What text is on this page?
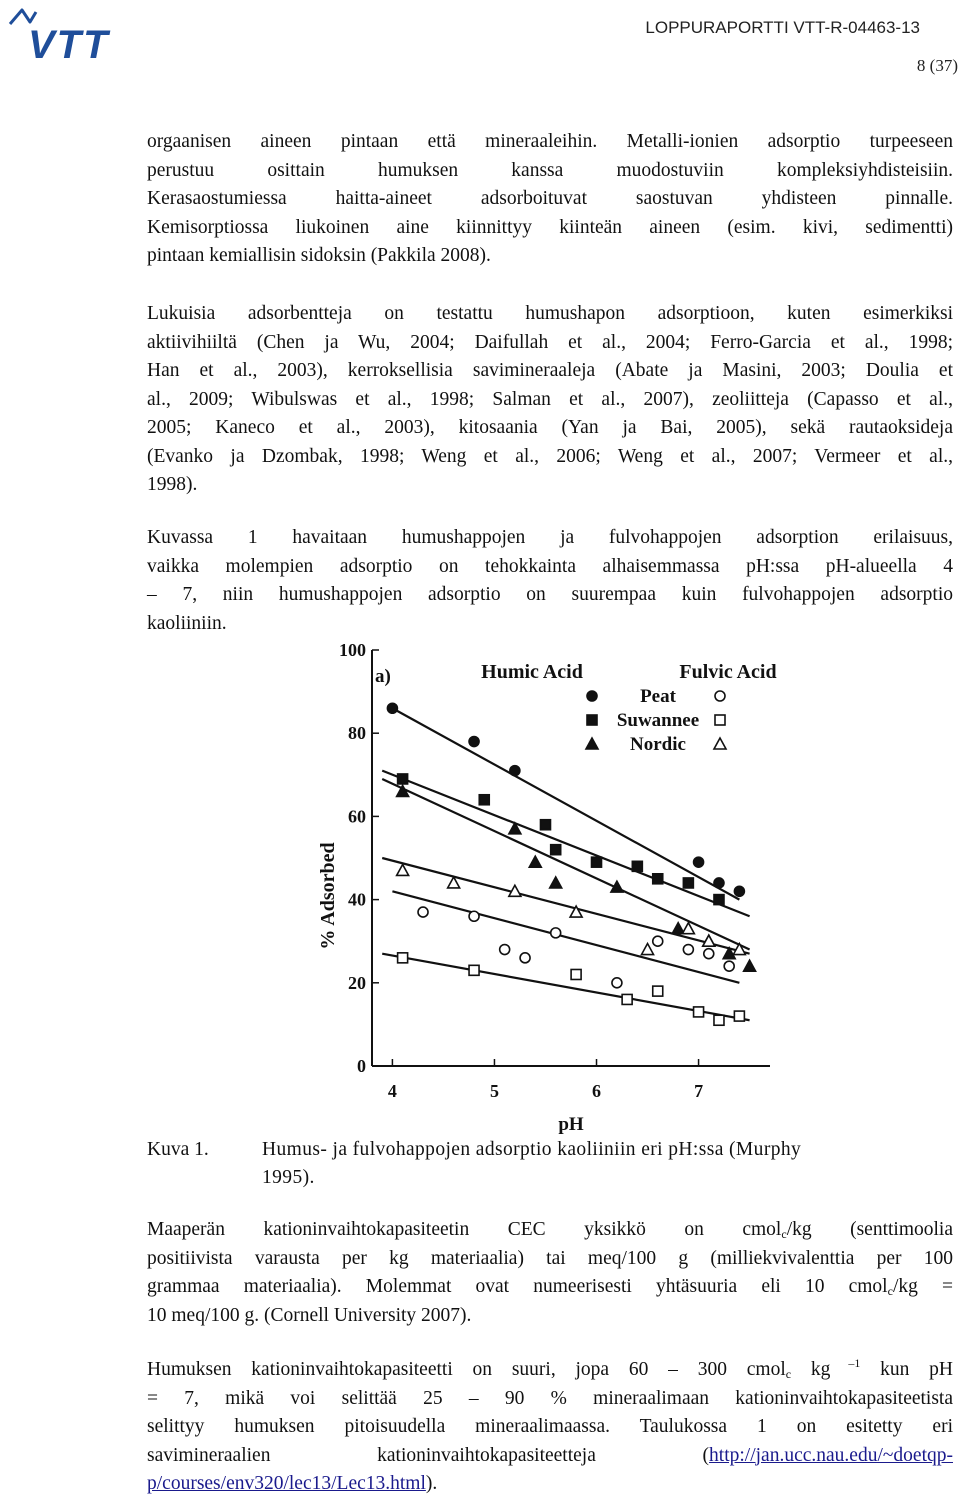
VTT	LOPPURAPORTTI VTT-R-04463-13
8 (37)
orgaanisen aineen pintaan että mineraaleihin. Metalli-ionien adsorptio turpeeseen
perustuu osittain humuksen kanssa muodostuviin kompleksiyhdisteisiin.
Kerasaostumiessa haitta-aineet adsorboituvat saostuvan yhdisteen pinnalle.
Kemisorptiossa liukoinen aine kiinnittyy kiinteän aineen (esim. kivi, sedimentti)
pintaan kemiallisin sidoksin (Pakkila 2008).
Lukuisia adsorbentteja on testattu humushapon adsorptioon, kuten esimerkiksi
aktiivihiiltä (Chen ja Wu, 2004; Daifullah et al., 2004; Ferro-Garcia et al., 1998;
Han et al., 2003), kerroksellisia savimineraaleja (Abate ja Masini, 2003; Doulia et
al., 2009; Wibulswas et al., 1998; Salman et al., 2007), zeoliitteja (Capasso et al.,
2005; Kaneco et al., 2003), kitosaania (Yan ja Bai, 2005), sekä rautaoksideja
(Evanko ja Dzombak, 1998; Weng et al., 2006; Weng et al., 2007; Vermeer et al.,
1998).
Kuvassa 1 havaitaan humushappojen ja fulvohappojen adsorption erilaisuus,
vaikka molempien adsorptio on tehokkainta alhaisemmassa pH:ssa pH-alueella 4
– 7, niin humushappojen adsorptio on suurempaa kuin fulvohappojen adsorptio
kaoliiniin.
0
20
40
60
80
100
4	5	6	7
Humic Acid	Fulvic Acid
Peat
Suwannee
Nordic
a)
pH
% Adsorbed
Kuva 1.	Humus- ja fulvohappojen adsorptio kaoliiniin eri pH:ssa (Murphy
1995).
Maaperän kationinvaihtokapasiteetin CEC yksikkö on cmol$_c$/kg (senttimoolia
positiivista varausta per kg materiaalia) tai meq/100 g (milliekvivalenttia per 100
grammaa materiaalia). Molemmat ovat numeerisesti yhtäsuuria eli 10 cmol$_c$/kg =
10 meq/100 g. (Cornell University 2007).
Humuksen kationinvaihtokapasiteetti on suuri, jopa 60 – 300 cmol$_c$ kg $^{-1}$ kun pH
= 7, mikä voi selittää 25 – 90 % mineraalimaan kationinvaihtokapasiteetista
selittyy humuksen pitoisuudella mineraalimaassa. Taulukossa 1 on esitetty eri
savimineraalien kationinvaihtokapasiteetteja (http://jan.ucc.nau.edu/~doetqp-
p/courses/env320/lec13/Lec13.html).
